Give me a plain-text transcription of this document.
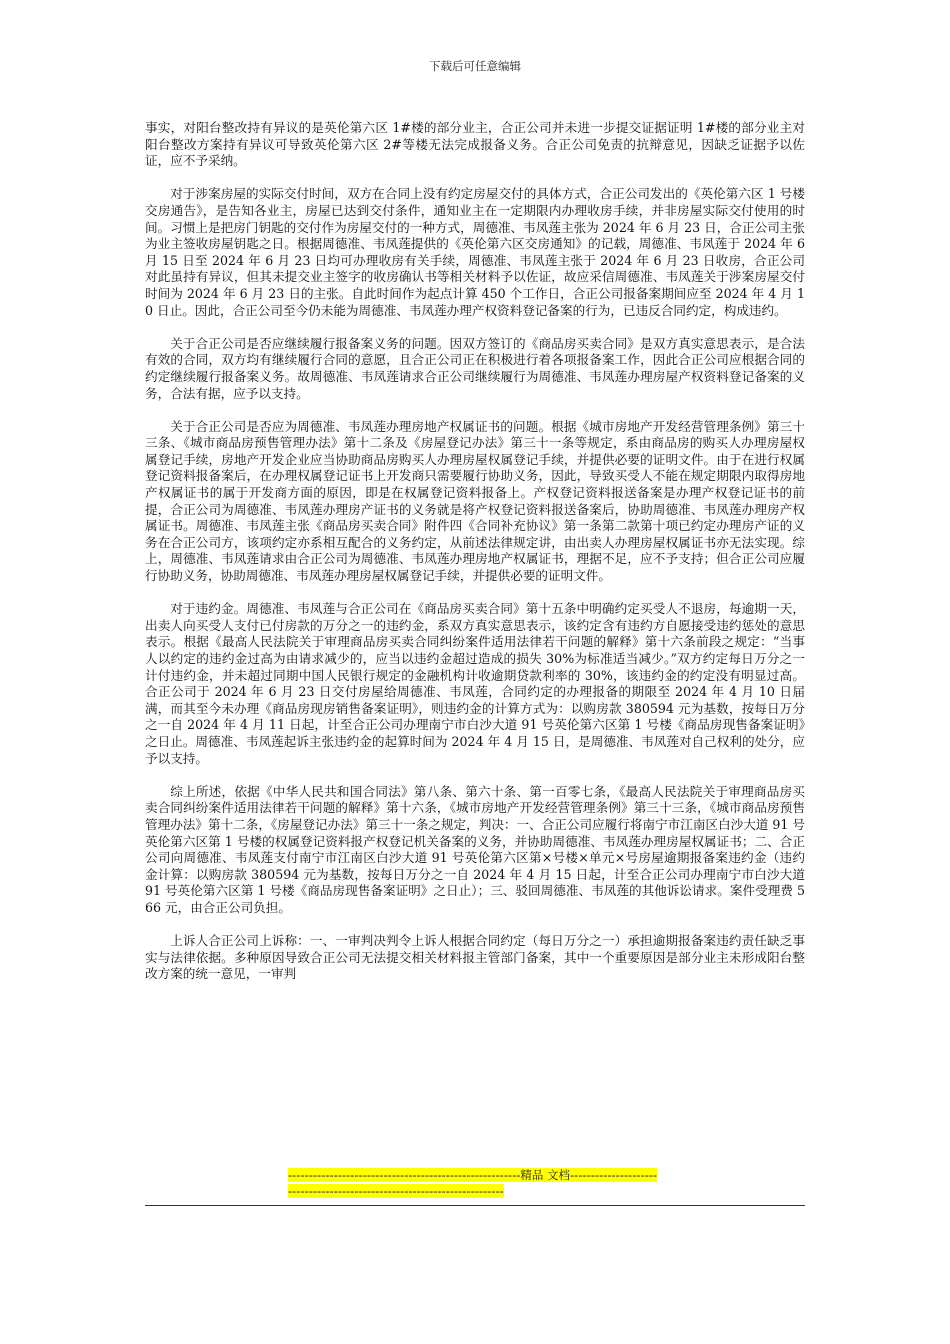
下载后可任意编辑

事实，对阳台整改持有异议的是英伦第六区 1#楼的部分业主，合正公司并未进一步提交证据证明 1#楼的部分业主对阳台整改方案持有异议可导致英伦第六区 2#等楼无法完成报备义务。合正公司免责的抗辩意见，因缺乏证据予以佐证，应不予采纳。

对于涉案房屋的实际交付时间，双方在合同上没有约定房屋交付的具体方式，合正公司发出的《英伦第六区 1 号楼交房通告》，是告知各业主，房屋已达到交付条件，通知业主在一定期限内办理收房手续，并非房屋实际交付使用的时间。习惯上是把房门钥匙的交付作为房屋交付的一种方式，周德准、韦凤莲主张为 2024 年 6 月 23 日，合正公司主张为业主签收房屋钥匙之日。根据周德准、韦凤莲提供的《英伦第六区交房通知》的记载，周德准、韦凤莲于 2024 年 6 月 15 日至 2024 年 6 月 23 日均可办理收房有关手续，周德准、韦凤莲主张于 2024 年 6 月 23 日收房，合正公司对此虽持有异议，但其未提交业主签字的收房确认书等相关材料予以佐证，故应采信周德准、韦凤莲关于涉案房屋交付时间为 2024 年 6 月 23 日的主张。自此时间作为起点计算 450 个工作日，合正公司报备案期间应至 2024 年 4 月 10 日止。因此，合正公司至今仍未能为周德准、韦凤莲办理产权资料登记备案的行为，已违反合同约定，构成违约。

关于合正公司是否应继续履行报备案义务的问题。因双方签订的《商品房买卖合同》是双方真实意思表示，是合法有效的合同，双方均有继续履行合同的意愿，且合正公司正在积极进行着各项报备案工作，因此合正公司应根据合同的约定继续履行报备案义务。故周德准、韦凤莲请求合正公司继续履行为周德准、韦凤莲办理房屋产权资料登记备案的义务，合法有据，应予以支持。

关于合正公司是否应为周德准、韦凤莲办理房地产权属证书的问题。根据《城市房地产开发经营管理条例》第三十三条、《城市商品房预售管理办法》第十二条及《房屋登记办法》第三十一条等规定，系由商品房的购买人办理房屋权属登记手续，房地产开发企业应当协助商品房购买人办理房屋权属登记手续，并提供必要的证明文件。由于在进行权属登记资料报备案后，在办理权属登记证书上开发商只需要履行协助义务，因此，导致买受人不能在规定期限内取得房地产权属证书的属于开发商方面的原因，即是在权属登记资料报备上。产权登记资料报送备案是办理产权登记证书的前提，合正公司为周德准、韦凤莲办理房产证书的义务就是将产权登记资料报送备案后，协助周德准、韦凤莲办理房产权属证书。周德准、韦凤莲主张《商品房买卖合同》附件四《合同补充协议》第一条第二款第十项已约定办理房产证的义务在合正公司方，该项约定亦系相互配合的义务约定，从前述法律规定讲，由出卖人办理房屋权属证书亦无法实现。综上，周德准、韦凤莲请求由合正公司为周德准、韦凤莲办理房地产权属证书，理据不足，应不予支持；但合正公司应履行协助义务，协助周德准、韦凤莲办理房屋权属登记手续，并提供必要的证明文件。

对于违约金。周德准、韦凤莲与合正公司在《商品房买卖合同》第十五条中明确约定买受人不退房，每逾期一天，出卖人向买受人支付已付房款的万分之一的违约金，系双方真实意思表示，该约定含有违约方自愿接受违约惩处的意思表示。根据《最高人民法院关于审理商品房买卖合同纠纷案件适用法律若干问题的解释》第十六条前段之规定：“当事人以约定的违约金过高为由请求减少的，应当以违约金超过造成的损失 30%为标准适当减少。”双方约定每日万分之一计付违约金，并未超过同期中国人民银行规定的金融机构计收逾期贷款利率的 30%，该违约金的约定没有明显过高。合正公司于 2024 年 6 月 23 日交付房屋给周德准、韦凤莲，合同约定的办理报备的期限至 2024 年 4 月 10 日届满，而其至今未办理《商品房现房销售备案证明》，则违约金的计算方式为：以购房款 380594 元为基数，按每日万分之一自 2024 年 4 月 11 日起，计至合正公司办理南宁市白沙大道 91 号英伦第六区第 1 号楼《商品房现售备案证明》之日止。周德准、韦凤莲起诉主张违约金的起算时间为 2024 年 4 月 15 日，是周德准、韦凤莲对自己权利的处分，应予以支持。

综上所述，依据《中华人民共和国合同法》第八条、第六十条、第一百零七条，《最高人民法院关于审理商品房买卖合同纠纷案件适用法律若干问题的解释》第十六条，《城市房地产开发经营管理条例》第三十三条，《城市商品房预售管理办法》第十二条，《房屋登记办法》第三十一条之规定，判决：一、合正公司应履行将南宁市江南区白沙大道 91 号英伦第六区第 1 号楼的权属登记资料报产权登记机关备案的义务，并协助周德准、韦凤莲办理房屋权属证书；二、合正公司向周德准、韦凤莲支付南宁市江南区白沙大道 91 号英伦第六区第×号楼×单元×号房屋逾期报备案违约金（违约金计算：以购房款 380594 元为基数，按每日万分之一自 2024 年 4 月 15 日起，计至合正公司办理南宁市白沙大道 91 号英伦第六区第 1 号楼《商品房现售备案证明》之日止）；三、驳回周德准、韦凤莲的其他诉讼请求。案件受理费 566 元，由合正公司负担。

上诉人合正公司上诉称：一、一审判决判令上诉人根据合同约定（每日万分之一）承担逾期报备案违约责任缺乏事实与法律依据。多种原因导致合正公司无法提交相关材料报主管部门备案，其中一个重要原因是部分业主未形成阳台整改方案的统一意见，一审判

--------------------------------------------------------精品 文档-------------------------------------------------------------------------
